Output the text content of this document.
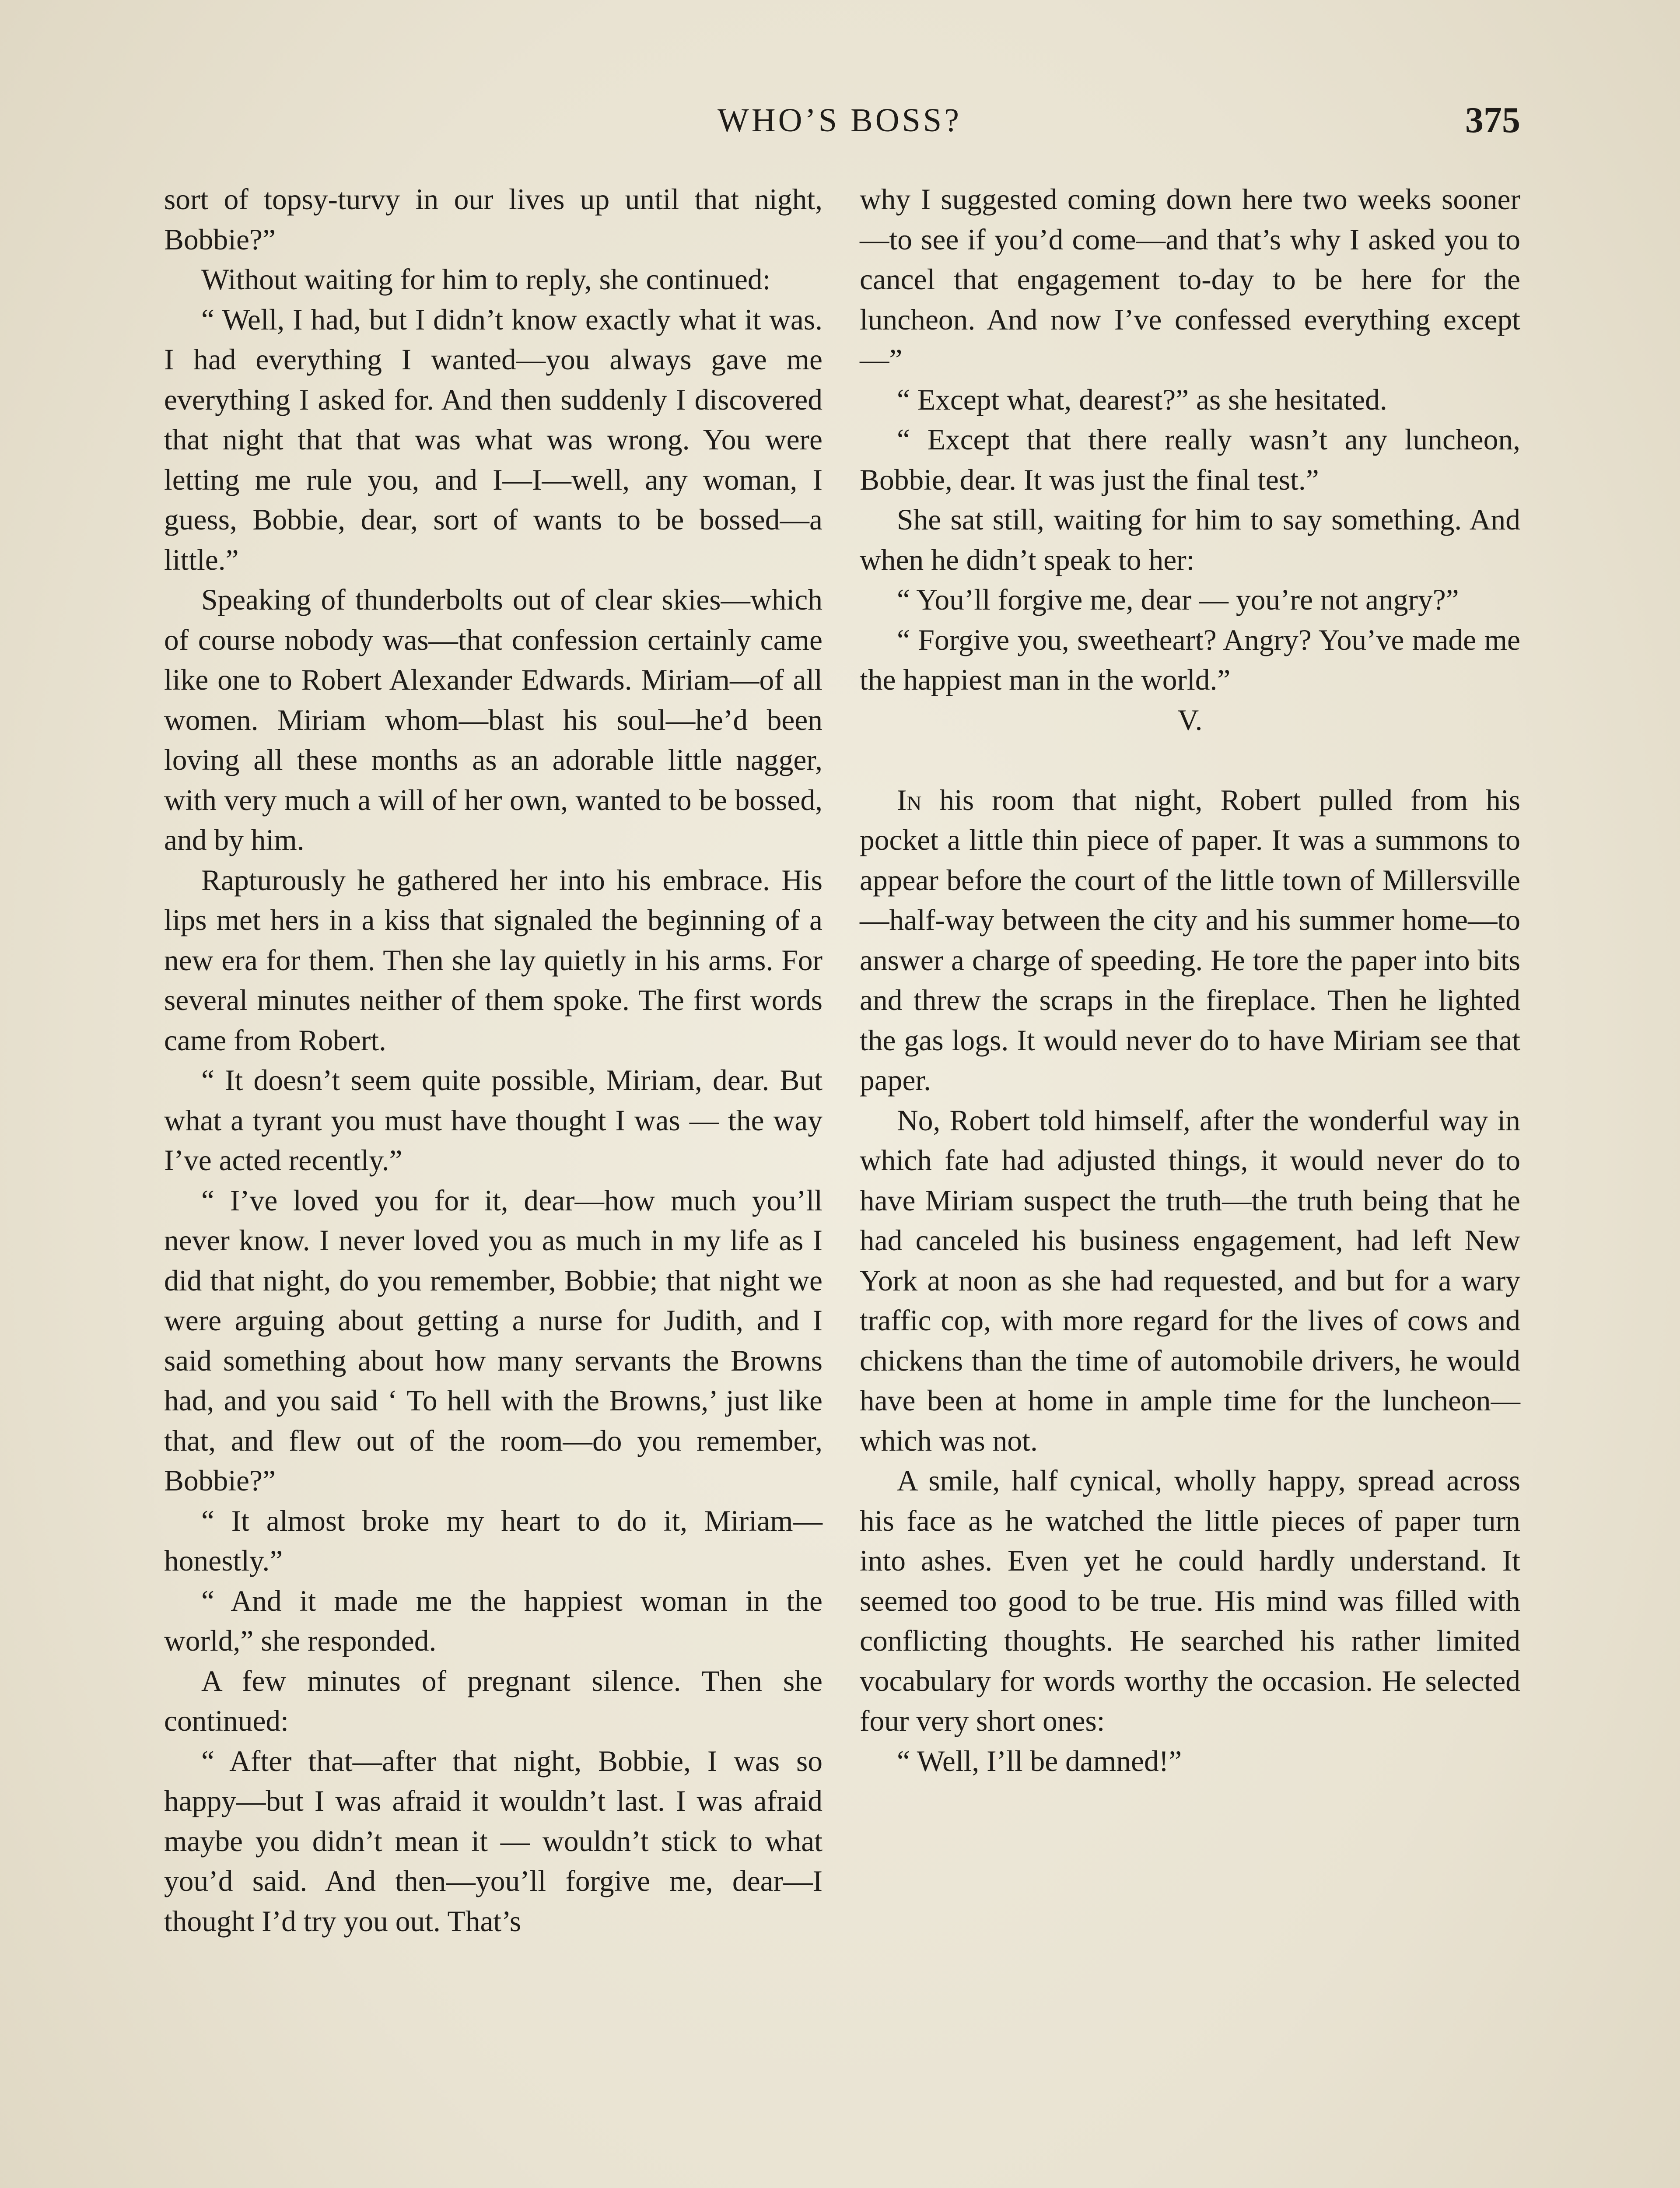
WHO’S BOSS?	375

sort of topsy-turvy in our lives up until that night, Bobbie?”

Without waiting for him to reply, she continued:

“ Well, I had, but I didn’t know exactly what it was. I had everything I wanted—you always gave me everything I asked for. And then suddenly I discovered that night that that was what was wrong. You were letting me rule you, and I—I—well, any woman, I guess, Bobbie, dear, sort of wants to be bossed—a little.”

Speaking of thunderbolts out of clear skies—which of course nobody was—that confession certainly came like one to Robert Alexander Edwards. Miriam—of all women. Miriam whom—blast his soul—he’d been loving all these months as an adorable little nagger, with very much a will of her own, wanted to be bossed, and by him.

Rapturously he gathered her into his embrace. His lips met hers in a kiss that signaled the beginning of a new era for them. Then she lay quietly in his arms. For several minutes neither of them spoke. The first words came from Robert.

“ It doesn’t seem quite possible, Miriam, dear. But what a tyrant you must have thought I was — the way I’ve acted recently.”

“ I’ve loved you for it, dear—how much you’ll never know. I never loved you as much in my life as I did that night, do you remember, Bobbie; that night we were arguing about getting a nurse for Judith, and I said something about how many servants the Browns had, and you said ‘ To hell with the Browns,’ just like that, and flew out of the room—do you remember, Bobbie?”

“ It almost broke my heart to do it, Miriam—honestly.”

“ And it made me the happiest woman in the world,” she responded.

A few minutes of pregnant silence. Then she continued:

“ After that—after that night, Bobbie, I was so happy—but I was afraid it wouldn’t last. I was afraid maybe you didn’t mean it — wouldn’t stick to what you’d said. And then—you’ll forgive me, dear—I thought I’d try you out. That’s

why I suggested coming down here two weeks sooner—to see if you’d come—and that’s why I asked you to cancel that engagement to-day to be here for the luncheon. And now I’ve confessed everything except—”

“ Except what, dearest?” as she hesitated.

“ Except that there really wasn’t any luncheon, Bobbie, dear. It was just the final test.”

She sat still, waiting for him to say something. And when he didn’t speak to her:

“ You’ll forgive me, dear — you’re not angry?”

“ Forgive you, sweetheart? Angry? You’ve made me the happiest man in the world.”

V.

In his room that night, Robert pulled from his pocket a little thin piece of paper. It was a summons to appear before the court of the little town of Millersville—half-way between the city and his summer home—to answer a charge of speeding. He tore the paper into bits and threw the scraps in the fireplace. Then he lighted the gas logs. It would never do to have Miriam see that paper.

No, Robert told himself, after the wonderful way in which fate had adjusted things, it would never do to have Miriam suspect the truth—the truth being that he had canceled his business engagement, had left New York at noon as she had requested, and but for a wary traffic cop, with more regard for the lives of cows and chickens than the time of automobile drivers, he would have been at home in ample time for the luncheon—which was not.

A smile, half cynical, wholly happy, spread across his face as he watched the little pieces of paper turn into ashes. Even yet he could hardly understand. It seemed too good to be true. His mind was filled with conflicting thoughts. He searched his rather limited vocabulary for words worthy the occasion. He selected four very short ones:

“ Well, I’ll be damned!”
